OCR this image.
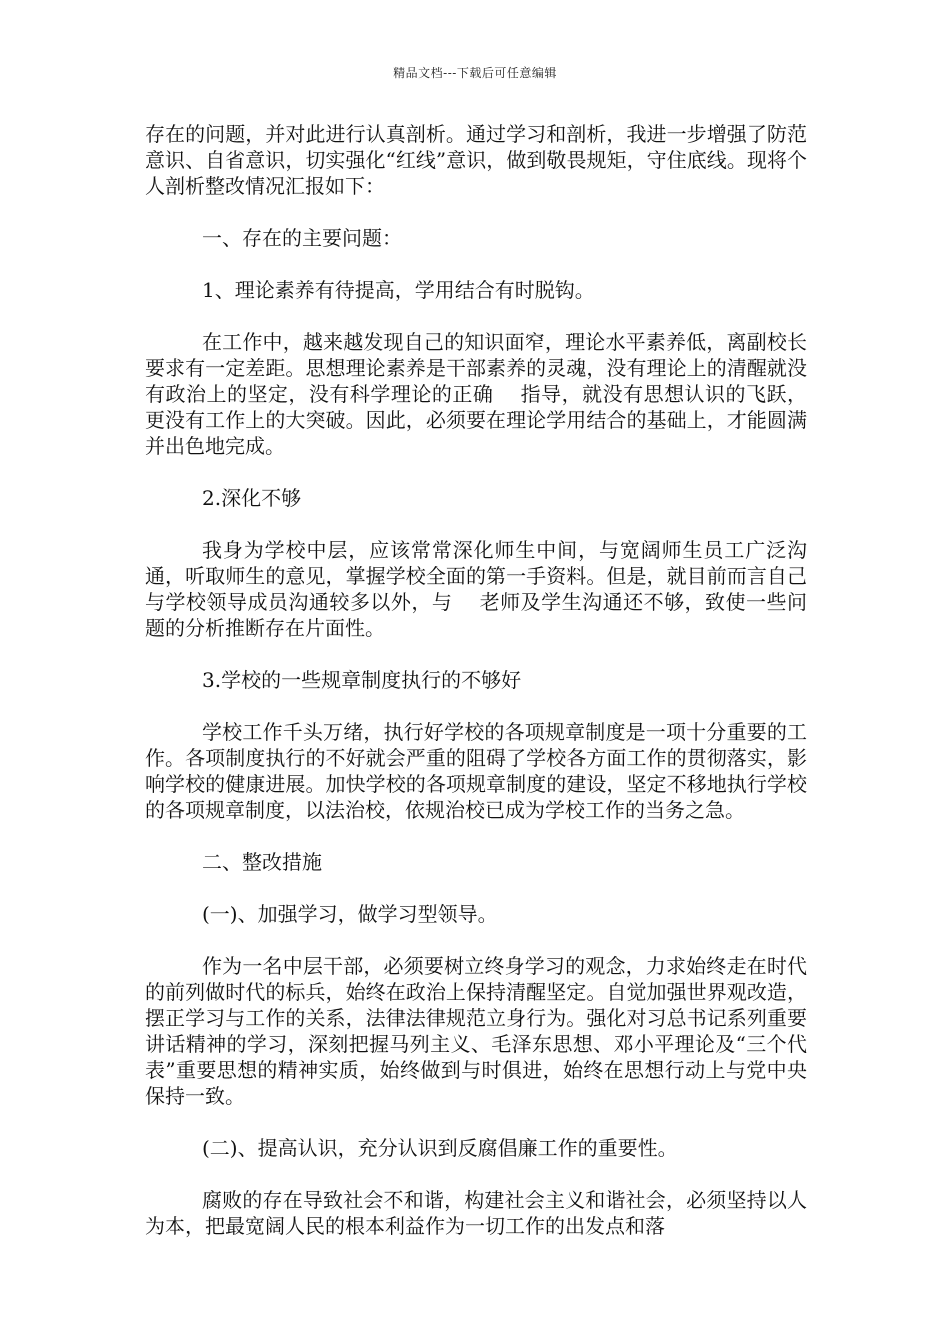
精品文档---下载后可任意编辑

存在的问题，并对此进行认真剖析。通过学习和剖析，我进一步增强了防范意识、自省意识，切实强化“红线”意识，做到敬畏规矩，守住底线。现将个人剖析整改情况汇报如下：

一、存在的主要问题：

1、理论素养有待提高，学用结合有时脱钩。

在工作中，越来越发现自己的知识面窄，理论水平素养低，离副校长要求有一定差距。思想理论素养是干部素养的灵魂，没有理论上的清醒就没有政治上的坚定，没有科学理论的正确　 指导，就没有思想认识的飞跃，更没有工作上的大突破。因此，必须要在理论学用结合的基础上，才能圆满并出色地完成。

2.深化不够

我身为学校中层，应该常常深化师生中间，与宽阔师生员工广泛沟通，听取师生的意见，掌握学校全面的第一手资料。但是，就目前而言自己与学校领导成员沟通较多以外，与　 老师及学生沟通还不够，致使一些问题的分析推断存在片面性。

3.学校的一些规章制度执行的不够好

学校工作千头万绪，执行好学校的各项规章制度是一项十分重要的工作。各项制度执行的不好就会严重的阻碍了学校各方面工作的贯彻落实，影响学校的健康进展。加快学校的各项规章制度的建设，坚定不移地执行学校的各项规章制度，以法治校，依规治校已成为学校工作的当务之急。

二、整改措施

(一)、加强学习，做学习型领导。

作为一名中层干部，必须要树立终身学习的观念，力求始终走在时代的前列做时代的标兵，始终在政治上保持清醒坚定。自觉加强世界观改造，摆正学习与工作的关系，法律法律规范立身行为。强化对习总书记系列重要讲话精神的学习，深刻把握马列主义、毛泽东思想、邓小平理论及“三个代表”重要思想的精神实质，始终做到与时俱进，始终在思想行动上与党中央保持一致。

(二)、提高认识，充分认识到反腐倡廉工作的重要性。

腐败的存在导致社会不和谐，构建社会主义和谐社会，必须坚持以人为本，把最宽阔人民的根本利益作为一切工作的出发点和落
